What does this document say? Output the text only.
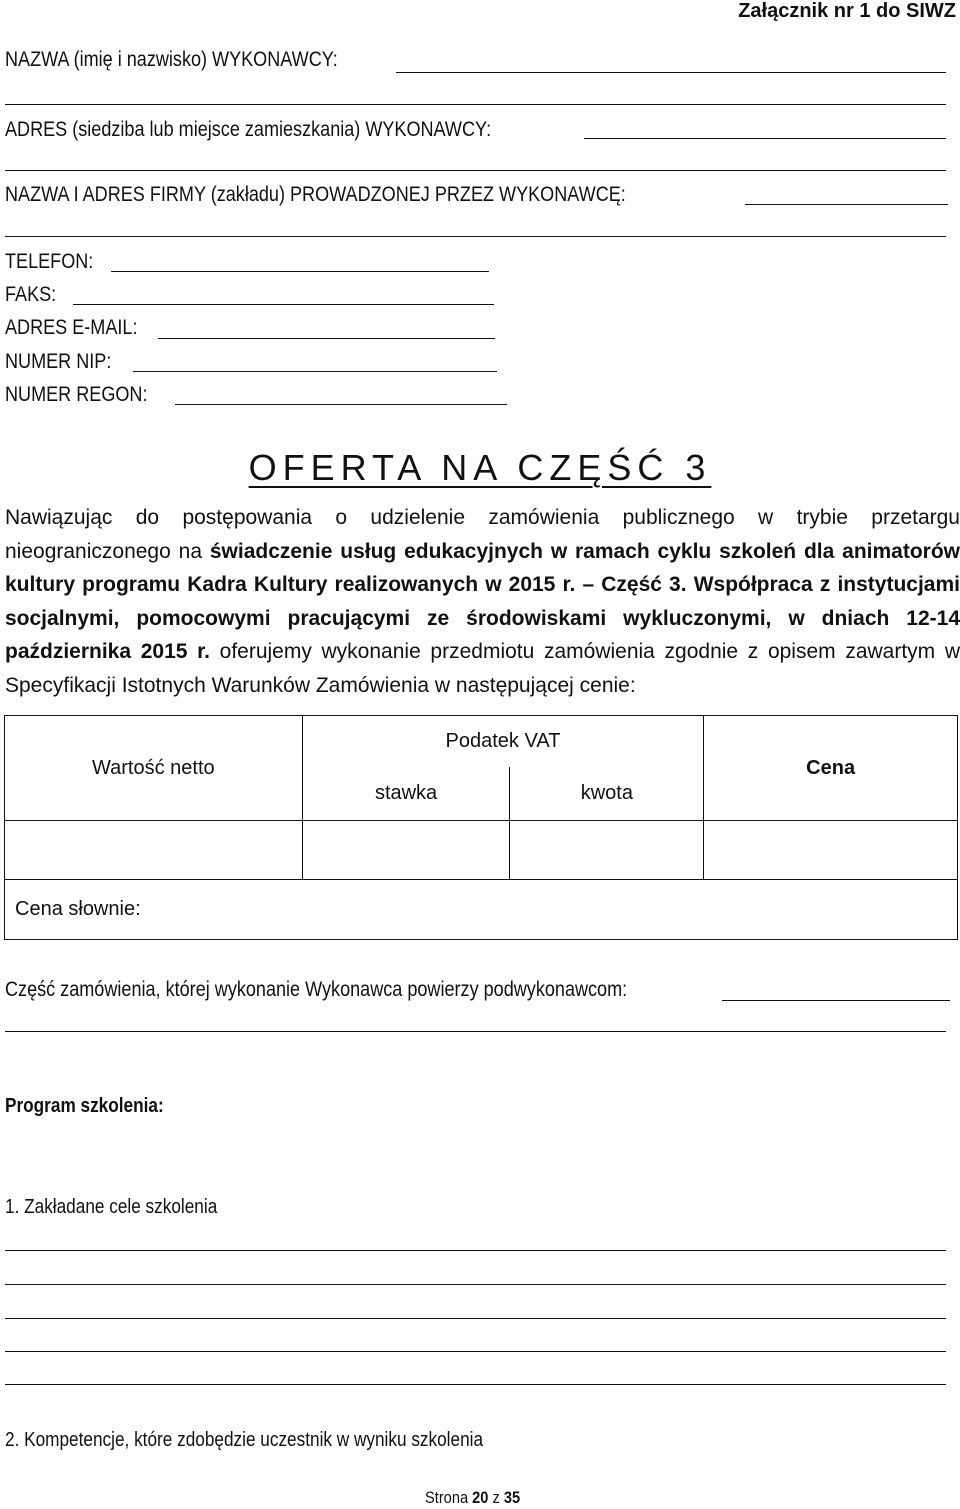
Załącznik nr 1 do SIWZ
NAZWA (imię i nazwisko) WYKONAWCY:
ADRES (siedziba lub miejsce zamieszkania) WYKONAWCY:
NAZWA I ADRES FIRMY (zakładu) PROWADZONEJ PRZEZ WYKONAWCĘ:
TELEFON:
FAKS:
ADRES E-MAIL:
NUMER NIP:
NUMER REGON:
OFERTA NA CZĘŚĆ 3
Nawiązując do postępowania o udzielenie zamówienia publicznego w trybie przetargu
nieograniczonego na świadczenie usług edukacyjnych w ramach cyklu szkoleń dla animatorów
kultury programu Kadra Kultury realizowanych w 2015 r. – Część 3. Współpraca z instytucjami
socjalnymi, pomocowymi pracującymi ze środowiskami wykluczonymi, w dniach 12-14
października 2015 r. oferujemy wykonanie przedmiotu zamówienia zgodnie z opisem zawartym w
Specyfikacji Istotnych Warunków Zamówienia w następującej cenie:
Wartość netto	Podatek VAT		Cena
	stawka	kwota	

Cena słownie:			
Część zamówienia, której wykonanie Wykonawca powierzy podwykonawcom:
Program szkolenia:
1. Zakładane cele szkolenia
2. Kompetencje, które zdobędzie uczestnik w wyniku szkolenia
Strona 20 z 35
